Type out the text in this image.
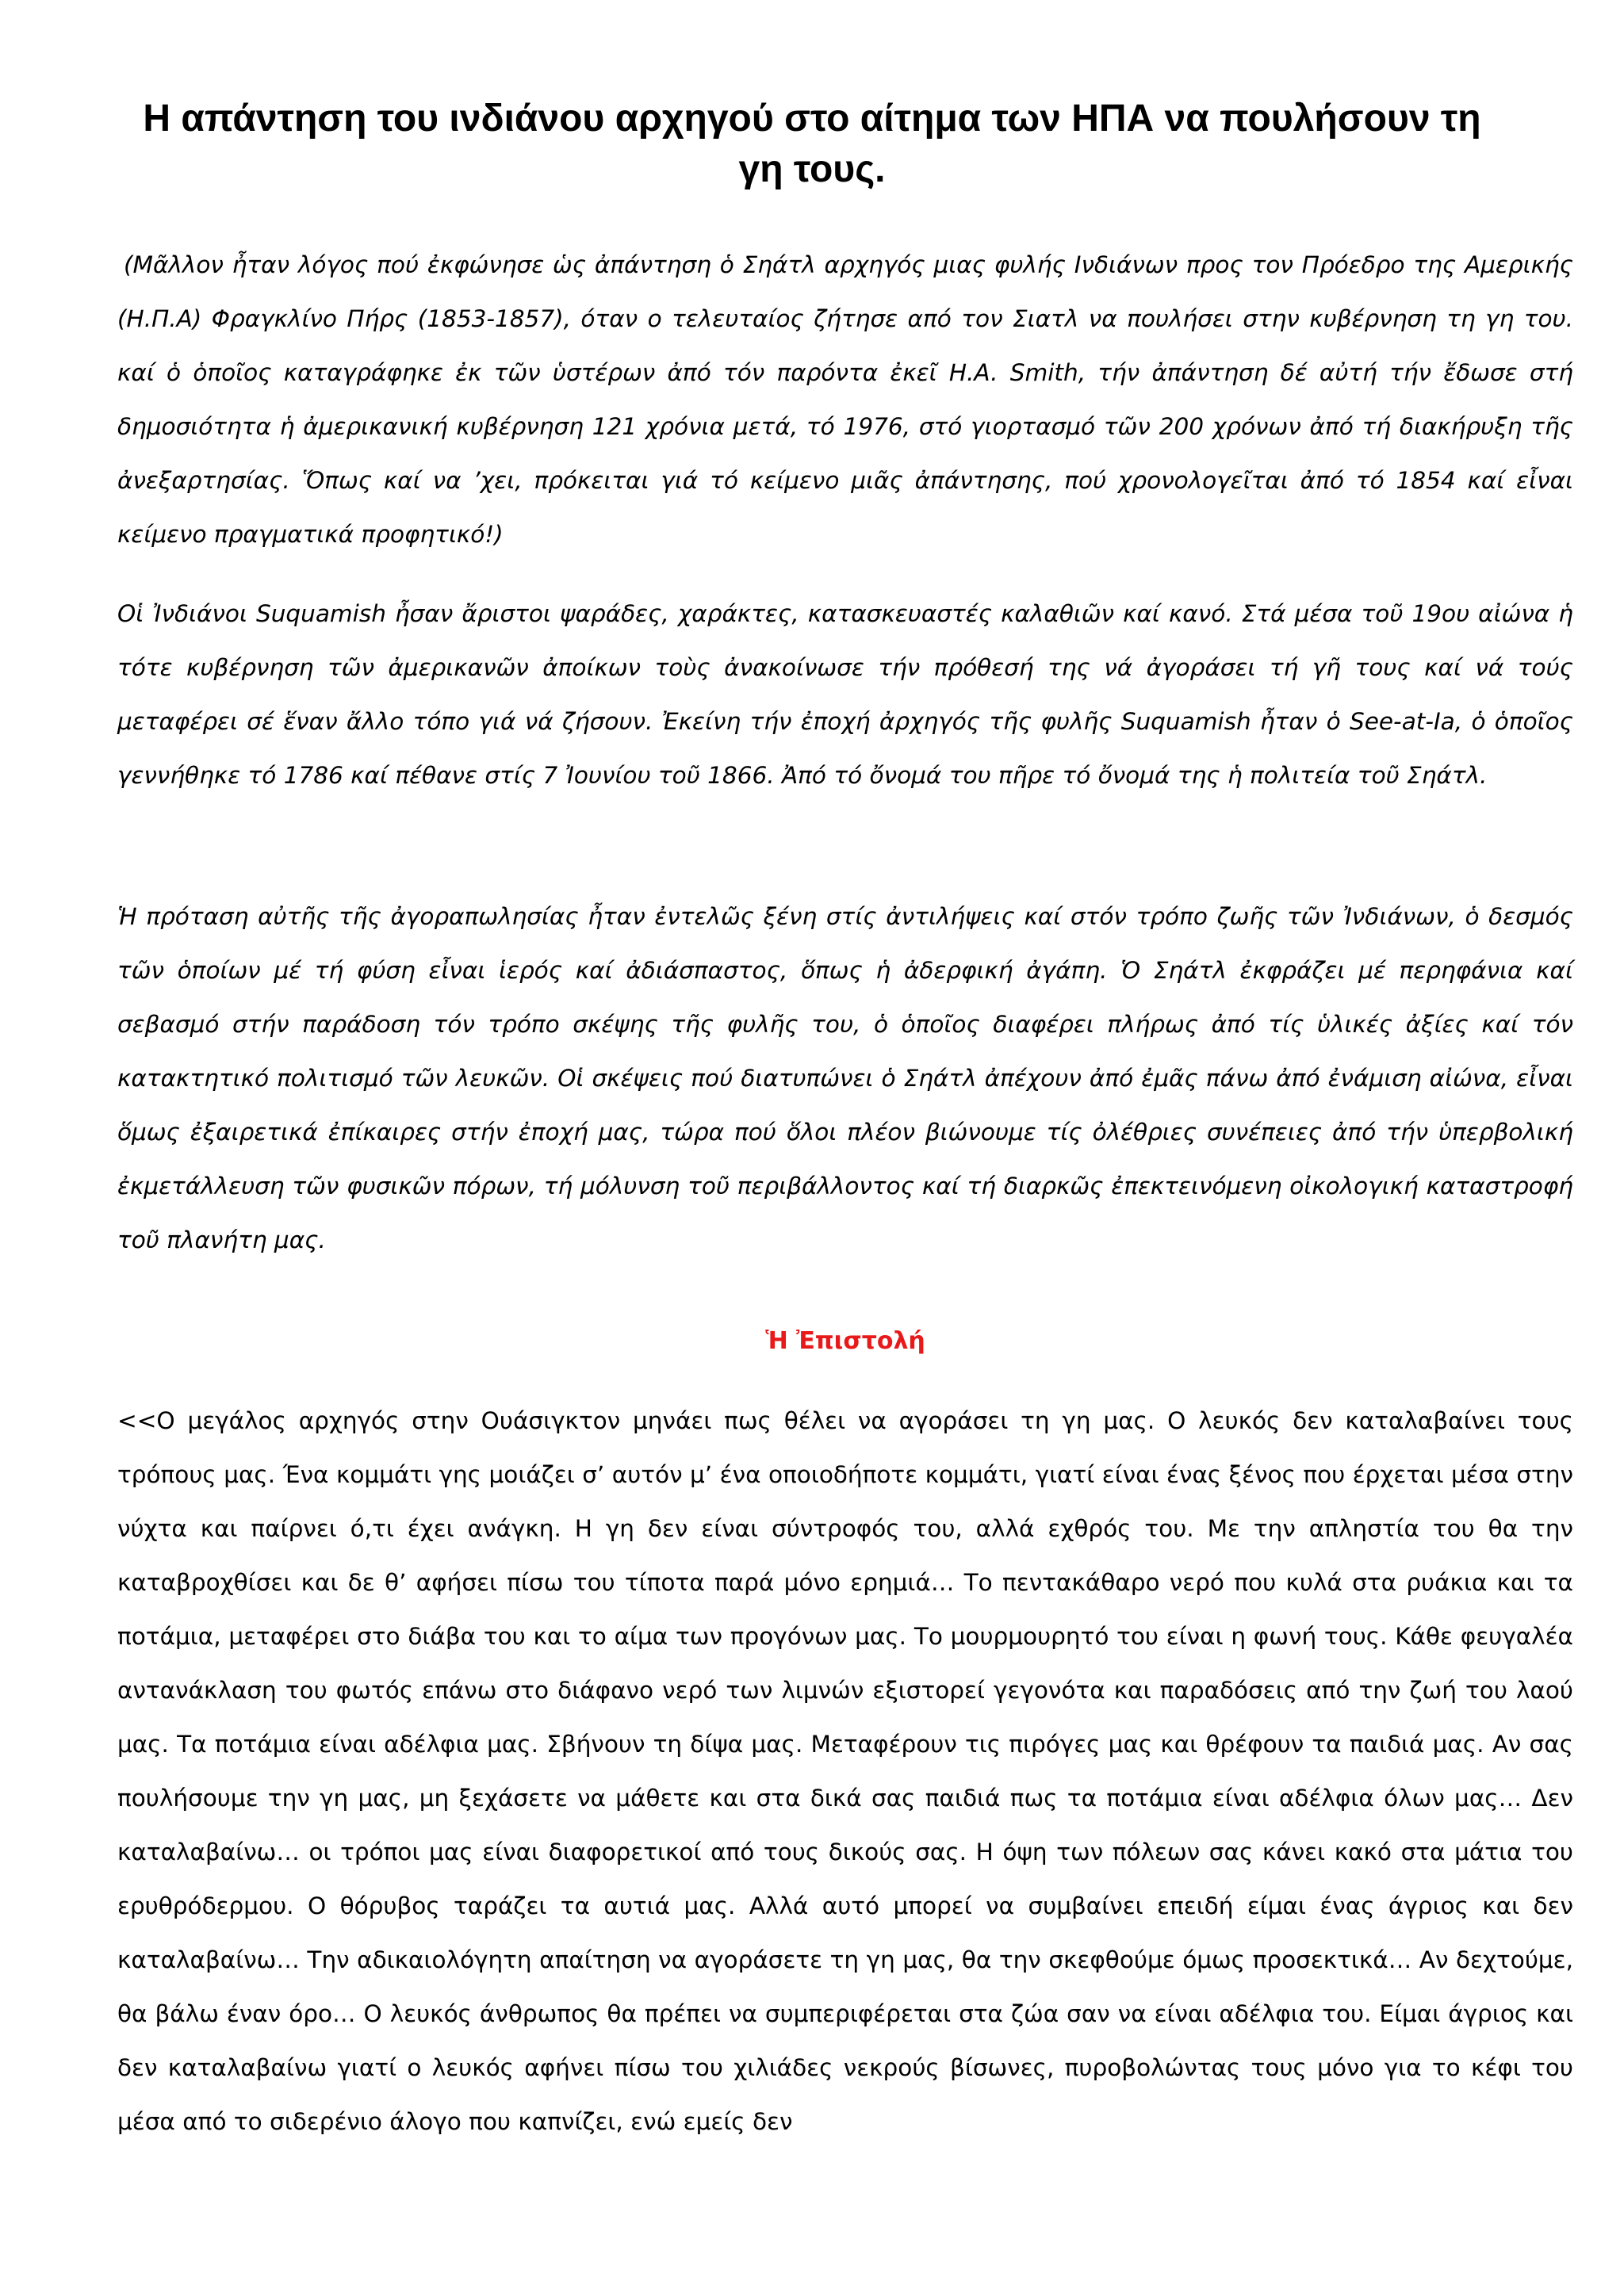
Η απάντηση του ινδιάνου αρχηγού στο αίτημα των ΗΠΑ να πουλήσουν τη γη τους.

(Μᾶλλον ἦταν λόγος πού ἐκφώνησε ὡς ἀπάντηση ὁ Σηάτλ αρχηγός μιας φυλής Ινδιάνων προς τον Πρόεδρο της Αμερικής (Η.Π.Α) Φραγκλίνο Πήρς (1853-1857), όταν ο τελευταίος ζήτησε από τον Σιατλ να πουλήσει στην κυβέρνηση τη γη του. καί ὁ ὁποῖος καταγράφηκε ἐκ τῶν ὑστέρων ἀπό τόν παρόντα ἐκεῖ H.A. Smith, τήν ἀπάντηση δέ αὐτή τήν ἔδωσε στή δημοσιότητα ἡ ἀμερικανική κυβέρνηση 121 χρόνια μετά, τό 1976, στό γιορτασμό τῶν 200 χρόνων ἀπό τή διακήρυξη τῆς ἀνεξαρτησίας. Ὅπως καί να ’χει, πρόκειται γιά τό κείμενο μιᾶς ἀπάντησης, πού χρονολογεῖται ἀπό τό 1854 καί εἶναι κείμενο πραγματικά προφητικό!)

Οἱ Ἰνδιάνοι Suquamish ἦσαν ἄριστοι ψαράδες, χαράκτες, κατασκευαστές καλαθιῶν καί κανό. Στά μέσα τοῦ 19ου αἰώνα ἡ τότε κυβέρνηση τῶν ἀμερικανῶν ἀποίκων τοὺς ἀνακοίνωσε τήν πρόθεσή της νά ἀγοράσει τή γῆ τους καί νά τούς μεταφέρει σέ ἕναν ἄλλο τόπο γιά νά ζήσουν. Ἐκείνη τήν ἐποχή ἀρχηγός τῆς φυλῆς Suquamish ἦταν ὁ See-at-Ia, ὁ ὁποῖος γεννήθηκε τό 1786 καί πέθανε στίς 7 Ἰουνίου τοῦ 1866. Ἀπό τό ὄνομά του πῆρε τό ὄνομά της ἡ πολιτεία τοῦ Σηάτλ.

Ἡ πρόταση αὐτῆς τῆς ἀγοραπωλησίας ἦταν ἐντελῶς ξένη στίς ἀντιλήψεις καί στόν τρόπο ζωῆς τῶν Ἰνδιάνων, ὁ δεσμός τῶν ὁποίων μέ τή φύση εἶναι ἱερός καί ἀδιάσπαστος, ὅπως ἡ ἀδερφική ἀγάπη. Ὁ Σηάτλ ἐκφράζει μέ περηφάνια καί σεβασμό στήν παράδοση τόν τρόπο σκέψης τῆς φυλῆς του, ὁ ὁποῖος διαφέρει πλήρως ἀπό τίς ὑλικές ἀξίες καί τόν κατακτητικό πολιτισμό τῶν λευκῶν. Οἱ σκέψεις πού διατυπώνει ὁ Σηάτλ ἀπέχουν ἀπό ἐμᾶς πάνω ἀπό ἐνάμιση αἰώνα, εἶναι ὅμως ἐξαιρετικά ἐπίκαιρες στήν ἐποχή μας, τώρα πού ὅλοι πλέον βιώνουμε τίς ὀλέθριες συνέπειες ἀπό τήν ὑπερβολική ἐκμετάλλευση τῶν φυσικῶν πόρων, τή μόλυνση τοῦ περιβάλλοντος καί τή διαρκῶς ἐπεκτεινόμενη οἰκολογική καταστροφή τοῦ πλανήτη μας.

Ἡ Ἐπιστολή

<<Ο μεγάλος αρχηγός στην Ουάσιγκτον μηνάει πως θέλει να αγοράσει τη γη μας. Ο λευκός δεν καταλαβαίνει τους τρόπους μας. Ένα κομμάτι γης μοιάζει σ’ αυτόν μ’ ένα οποιοδήποτε κομμάτι, γιατί είναι ένας ξένος που έρχεται μέσα στην νύχτα και παίρνει ό,τι έχει ανάγκη. Η γη δεν είναι σύντροφός του, αλλά εχθρός του. Με την απληστία του θα την καταβροχθίσει και δε θ’ αφήσει πίσω του τίποτα παρά μόνο ερημιά… Το πεντακάθαρο νερό που κυλά στα ρυάκια και τα ποτάμια, μεταφέρει στο διάβα του και το αίμα των προγόνων μας. Το μουρμουρητό του είναι η φωνή τους. Κάθε φευγαλέα αντανάκλαση του φωτός επάνω στο διάφανο νερό των λιμνών εξιστορεί γεγονότα και παραδόσεις από την ζωή του λαού μας. Τα ποτάμια είναι αδέλφια μας. Σβήνουν τη δίψα μας. Μεταφέρουν τις πιρόγες μας και θρέφουν τα παιδιά μας. Αν σας πουλήσουμε την γη μας, μη ξεχάσετε να μάθετε και στα δικά σας παιδιά πως τα ποτάμια είναι αδέλφια όλων μας… Δεν καταλαβαίνω… οι τρόποι μας είναι διαφορετικοί από τους δικούς σας. Η όψη των πόλεων σας κάνει κακό στα μάτια του ερυθρόδερμου. Ο θόρυβος ταράζει τα αυτιά μας. Αλλά αυτό μπορεί να συμβαίνει επειδή είμαι ένας άγριος και δεν καταλαβαίνω… Την αδικαιολόγητη απαίτηση να αγοράσετε τη γη μας, θα την σκεφθούμε όμως προσεκτικά… Αν δεχτούμε, θα βάλω έναν όρο… Ο λευκός άνθρωπος θα πρέπει να συμπεριφέρεται στα ζώα σαν να είναι αδέλφια του. Είμαι άγριος και δεν καταλαβαίνω γιατί ο λευκός αφήνει πίσω του χιλιάδες νεκρούς βίσωνες, πυροβολώντας τους μόνο για το κέφι του μέσα από το σιδερένιο άλογο που καπνίζει, ενώ εμείς δεν
